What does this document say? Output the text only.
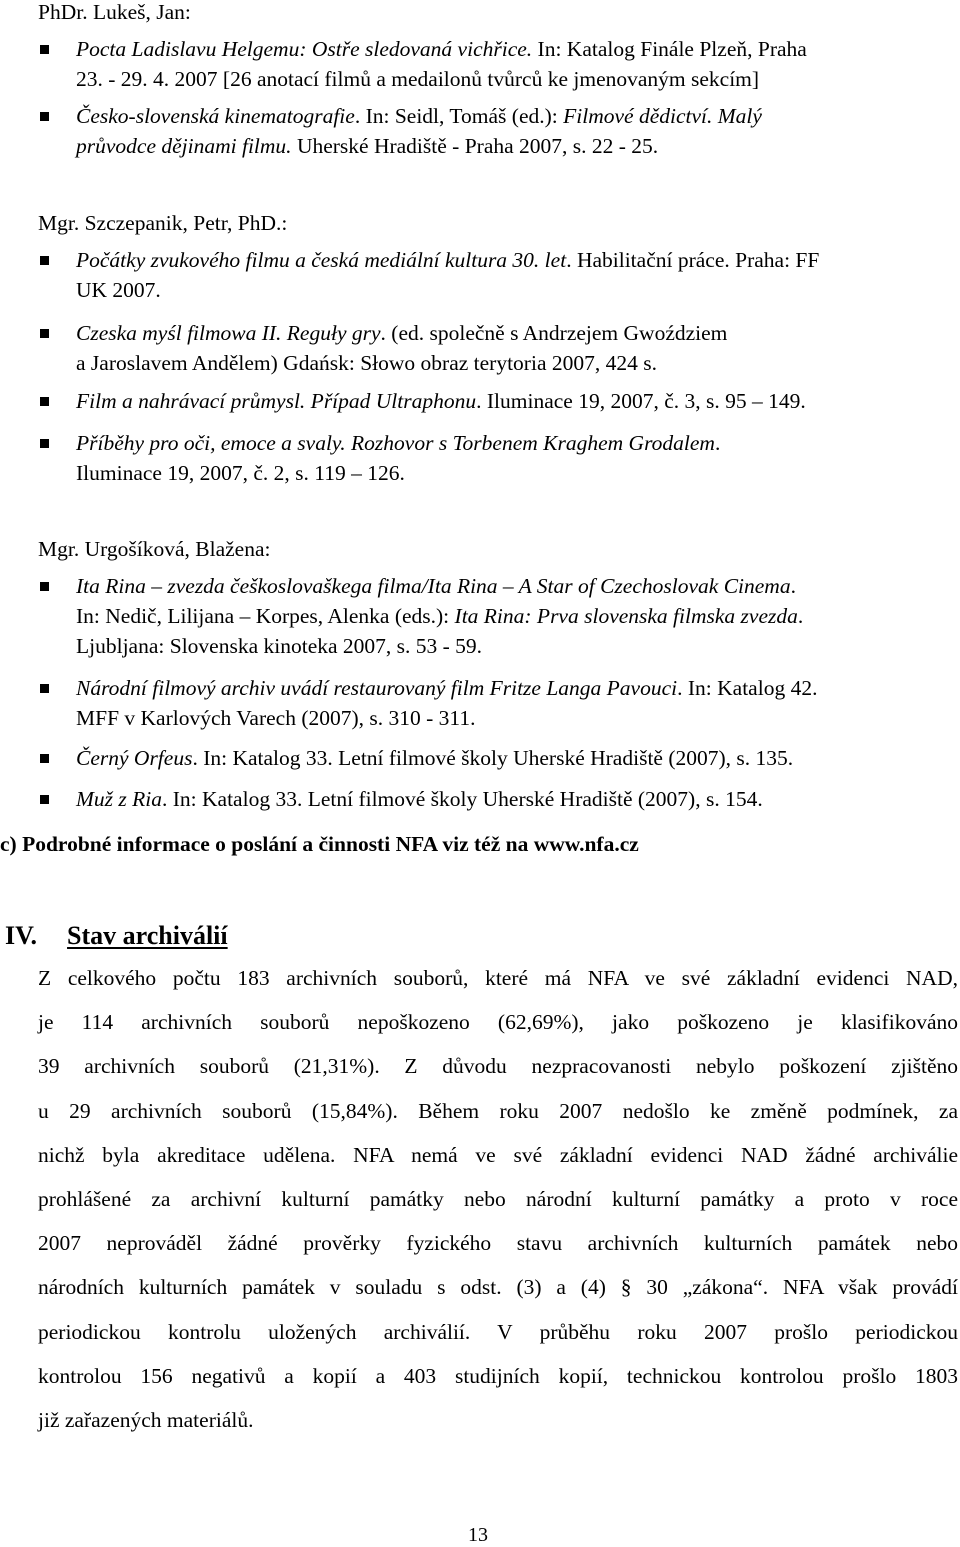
PhDr. Lukeš, Jan:
Pocta Ladislavu Helgemu: Ostře sledovaná vichřice. In: Katalog Finále Plzeň, Praha
23. - 29. 4. 2007 [26 anotací filmů a medailonů tvůrců ke jmenovaným sekcím]
Česko-slovenská kinematografie. In: Seidl, Tomáš (ed.): Filmové dědictví. Malý
průvodce dějinami filmu. Uherské Hradiště - Praha 2007, s. 22 - 25.
Mgr. Szczepanik, Petr, PhD.:
Počátky zvukového filmu a česká mediální kultura 30. let. Habilitační práce. Praha: FF
UK 2007.
Czeska myśl filmowa II. Reguły gry. (ed. společně s Andrzejem Gwoździem
a Jaroslavem Andělem) Gdańsk: Słowo obraz terytoria 2007, 424 s.
Film a nahrávací průmysl. Případ Ultraphonu. Iluminace 19, 2007, č. 3, s. 95 – 149.
Příběhy pro oči, emoce a svaly. Rozhovor s Torbenem Kraghem Grodalem.
Iluminace 19, 2007, č. 2, s. 119 – 126.
Mgr. Urgošíková, Blažena:
Ita Rina – zvezda češkoslovaškega filma/Ita Rina – A Star of Czechoslovak Cinema.
In: Nedič, Lilijana – Korpes, Alenka (eds.): Ita Rina: Prva slovenska filmska zvezda.
Ljubljana: Slovenska kinoteka 2007, s. 53 - 59.
Národní filmový archiv uvádí restaurovaný film Fritze Langa Pavouci. In: Katalog 42.
MFF v Karlových Varech (2007), s. 310 - 311.
Černý Orfeus. In: Katalog 33. Letní filmové školy Uherské Hradiště (2007), s. 135.
Muž z Ria. In: Katalog 33. Letní filmové školy Uherské Hradiště (2007), s. 154.
c) Podrobné informace o poslání a činnosti NFA viz též na www.nfa.cz
IV. Stav archiválií
Z celkového počtu 183 archivních souborů, které má NFA ve své základní evidenci NAD,
je 114 archivních souborů nepoškozeno (62,69%), jako poškozeno je klasifikováno
39 archivních souborů (21,31%). Z důvodu nezpracovanosti nebylo poškození zjištěno
u 29 archivních souborů (15,84%). Během roku 2007 nedošlo ke změně podmínek, za
nichž byla akreditace udělena. NFA nemá ve své základní evidenci NAD žádné archiválie
prohlášené za archivní kulturní památky nebo národní kulturní památky a proto v roce
2007 neprováděl žádné prověrky fyzického stavu archivních kulturních památek nebo
národních kulturních památek v souladu s odst. (3) a (4) § 30 „zákona“. NFA však provádí
periodickou kontrolu uložených archiválií. V průběhu roku 2007 prošlo periodickou
kontrolou 156 negativů a kopií a 403 studijních kopií, technickou kontrolou prošlo 1803
již zařazených materiálů.
13
